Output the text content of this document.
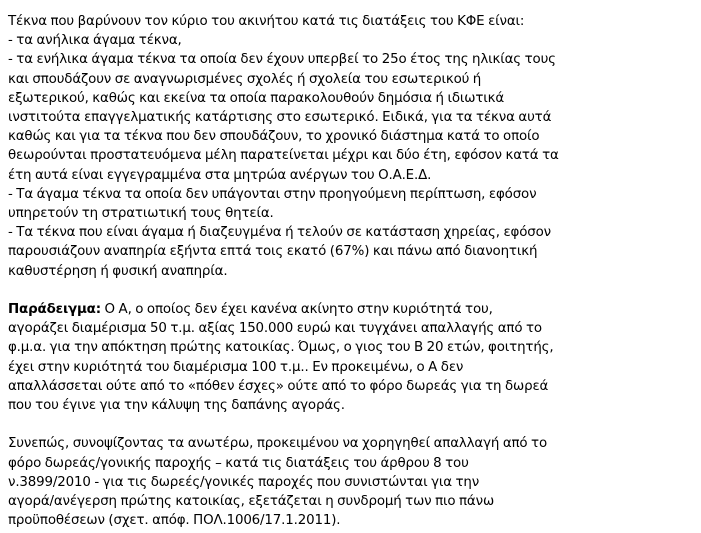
Τέκνα που βαρύνουν τον κύριο του ακινήτου κατά τις διατάξεις του ΚΦΕ είναι:
- τα ανήλικα άγαμα τέκνα,
- τα ενήλικα άγαμα τέκνα τα οποία δεν έχουν υπερβεί το 25ο έτος της ηλικίας τους
και σπουδάζουν σε αναγνωρισμένες σχολές ή σχολεία του εσωτερικού ή
εξωτερικού, καθώς και εκείνα τα οποία παρακολουθούν δημόσια ή ιδιωτικά
ινστιτούτα επαγγελματικής κατάρτισης στο εσωτερικό. Ειδικά, για τα τέκνα αυτά
καθώς και για τα τέκνα που δεν σπουδάζουν, το χρονικό διάστημα κατά το οποίο
θεωρούνται προστατευόμενα μέλη παρατείνεται μέχρι και δύο έτη, εφόσον κατά τα
έτη αυτά είναι εγγεγραμμένα στα μητρώα ανέργων του Ο.Α.Ε.Δ.
- Τα άγαμα τέκνα τα οποία δεν υπάγονται στην προηγούμενη περίπτωση, εφόσον
υπηρετούν τη στρατιωτική τους θητεία.
- Τα τέκνα που είναι άγαμα ή διαζευγμένα ή τελούν σε κατάσταση χηρείας, εφόσον
παρουσιάζουν αναπηρία εξήντα επτά τοις εκατό (67%) και πάνω από διανοητική
καθυστέρηση ή φυσική αναπηρία.

Παράδειγμα: Ο Α, ο οποίος δεν έχει κανένα ακίνητο στην κυριότητά του,
αγοράζει διαμέρισμα 50 τ.μ. αξίας 150.000 ευρώ και τυγχάνει απαλλαγής από το
φ.μ.α. για την απόκτηση πρώτης κατοικίας. Όμως, ο γιος του Β 20 ετών, φοιτητής,
έχει στην κυριότητά του διαμέρισμα 100 τ.μ.. Εν προκειμένω, ο Α δεν
απαλλάσσεται ούτε από το «πόθεν έσχες» ούτε από το φόρο δωρεάς για τη δωρεά
που του έγινε για την κάλυψη της δαπάνης αγοράς.

Συνεπώς, συνοψίζοντας τα ανωτέρω, προκειμένου να χορηγηθεί απαλλαγή από το
φόρο δωρεάς/γονικής παροχής – κατά τις διατάξεις του άρθρου 8 του
ν.3899/2010 - για τις δωρεές/γονικές παροχές που συνιστώνται για την
αγορά/ανέγερση πρώτης κατοικίας, εξετάζεται η συνδρομή των πιο πάνω
προϋποθέσεων (σχετ. απόφ. ΠΟΛ.1006/17.1.2011).
